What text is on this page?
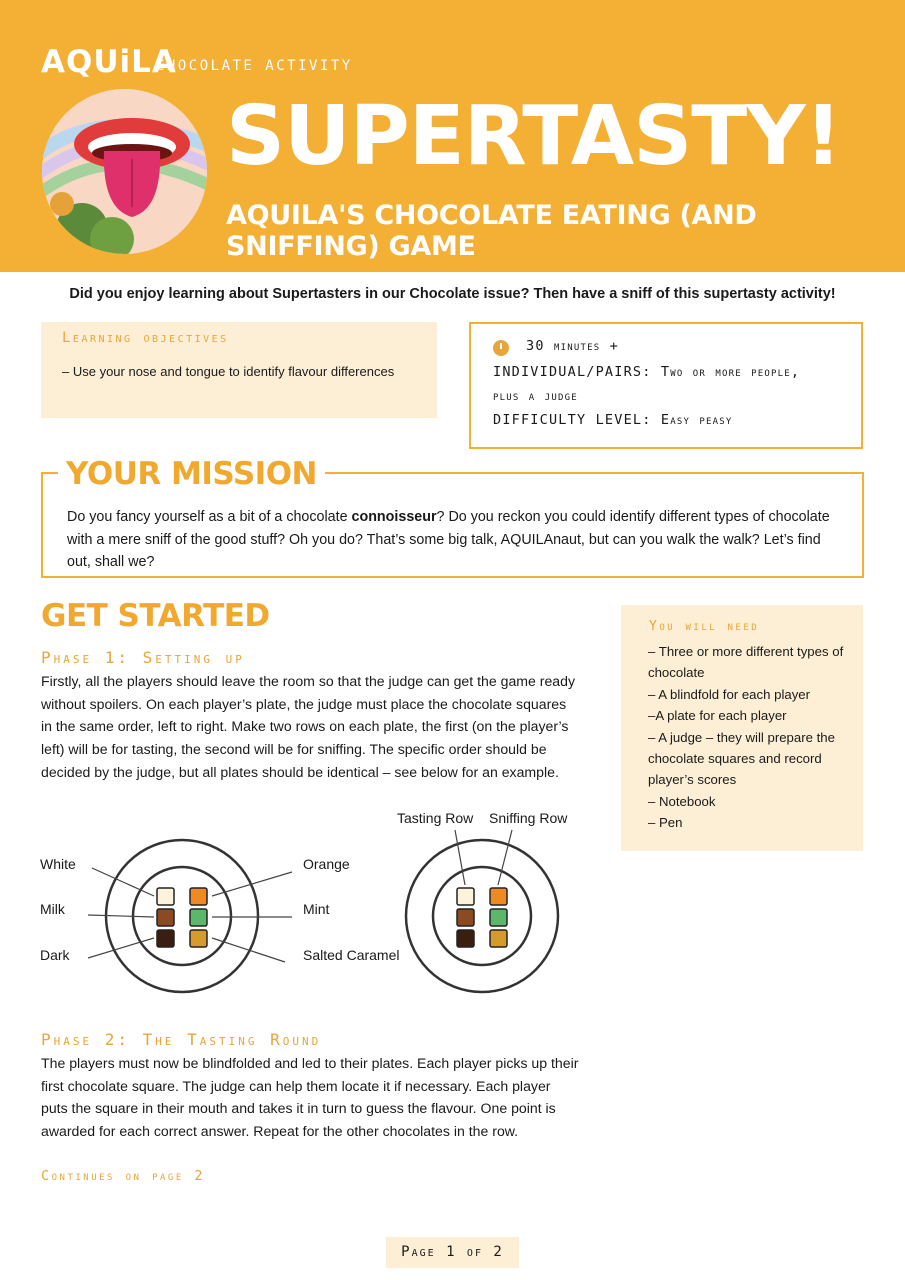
AQUiLA
CHOCOLATE ACTIVITY
SUPERTASTY!
AQUILA'S CHOCOLATE EATING (AND SNIFFING) GAME
Did you enjoy learning about Supertasters in our Chocolate issue? Then have a sniff of this supertasty activity!
Learning objectives
– Use your nose and tongue to identify flavour differences
30 minutes +
INDIVIDUAL/PAIRS: Two or more people,
plus a judge
DIFFICULTY LEVEL: Easy peasy
YOUR MISSION
Do you fancy yourself as a bit of a chocolate connoisseur? Do you reckon you could identify different types of chocolate with a mere sniff of the good stuff? Oh you do? That’s some big talk, AQUILAnaut, but can you walk the walk? Let’s find out, shall we?
GET STARTED
Phase 1: Setting up
Firstly, all the players should leave the room so that the judge can get the game ready without spoilers. On each player’s plate, the judge must place the chocolate squares in the same order, left to right. Make two rows on each plate, the first (on the player’s left) will be for tasting, the second will be for sniffing. The specific order should be decided by the judge, but all plates should be identical – see below for an example.
You will need
– Three or more different types of chocolate
– A blindfold for each player
–A plate for each player
– A judge – they will prepare the chocolate squares and record player’s scores
– Notebook
– Pen
White
Milk
Dark
Orange
Mint
Salted Caramel
Tasting Row Sniffing Row
Phase 2: The Tasting Round
The players must now be blindfolded and led to their plates. Each player picks up their first chocolate square. The judge can help them locate it if necessary. Each player puts the square in their mouth and takes it in turn to guess the flavour. One point is awarded for each correct answer. Repeat for the other chocolates in the row.
Continues on page 2
Page 1 of 2
